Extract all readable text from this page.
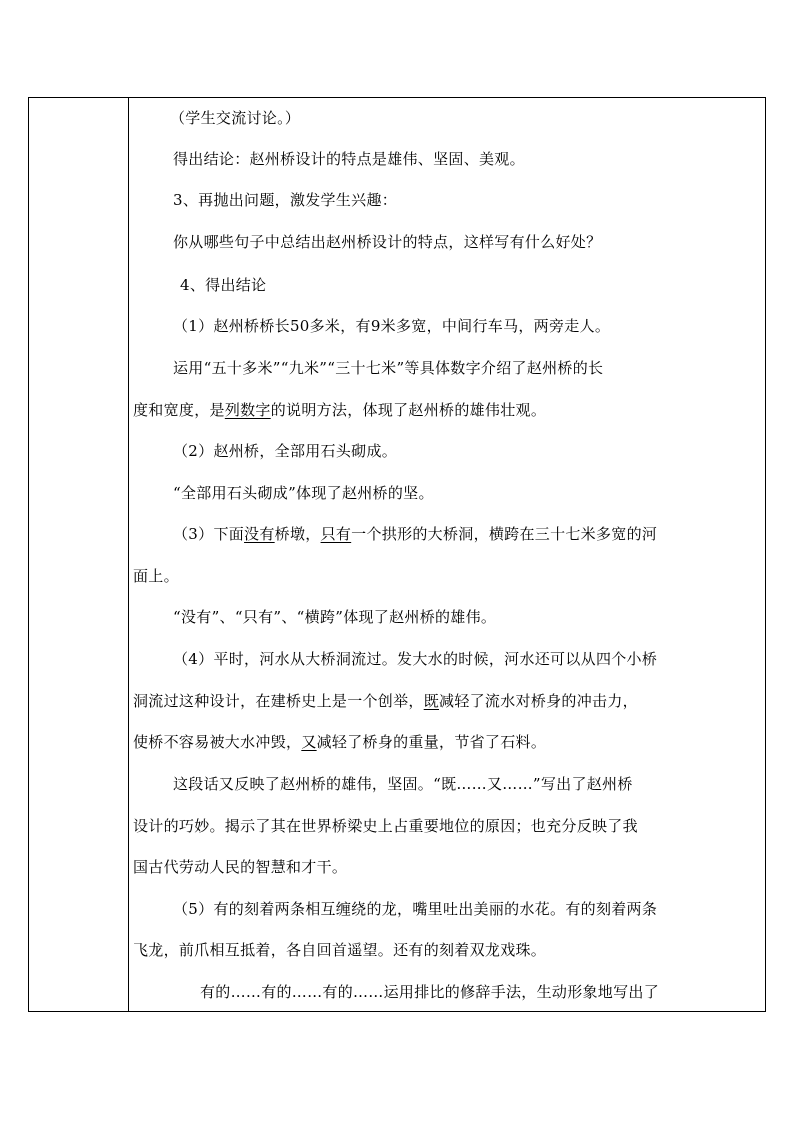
（学生交流讨论。）
得出结论：赵州桥设计的特点是雄伟、坚固、美观。
3、再抛出问题，激发学生兴趣：
你从哪些句子中总结出赵州桥设计的特点，这样写有什么好处？
4、得出结论
（1）赵州桥桥长50多米，有9米多宽，中间行车马，两旁走人。
运用“五十多米”“九米”“三十七米”等具体数字介绍了赵州桥的长
度和宽度，是列数字的说明方法，体现了赵州桥的雄伟壮观。
（2）赵州桥，全部用石头砌成。
“全部用石头砌成”体现了赵州桥的坚。
（3）下面没有桥墩，只有一个拱形的大桥洞，横跨在三十七米多宽的河
面上。
“没有”、“只有”、“横跨”体现了赵州桥的雄伟。
（4）平时，河水从大桥洞流过。发大水的时候，河水还可以从四个小桥
洞流过这种设计，在建桥史上是一个创举，既减轻了流水对桥身的冲击力，
使桥不容易被大水冲毁，又减轻了桥身的重量，节省了石料。
这段话又反映了赵州桥的雄伟，坚固。“既……又……”写出了赵州桥
设计的巧妙。揭示了其在世界桥梁史上占重要地位的原因；也充分反映了我
国古代劳动人民的智慧和才干。
（5）有的刻着两条相互缠绕的龙，嘴里吐出美丽的水花。有的刻着两条
飞龙，前爪相互抵着，各自回首遥望。还有的刻着双龙戏珠。
有的……有的……有的……运用排比的修辞手法，生动形象地写出了
